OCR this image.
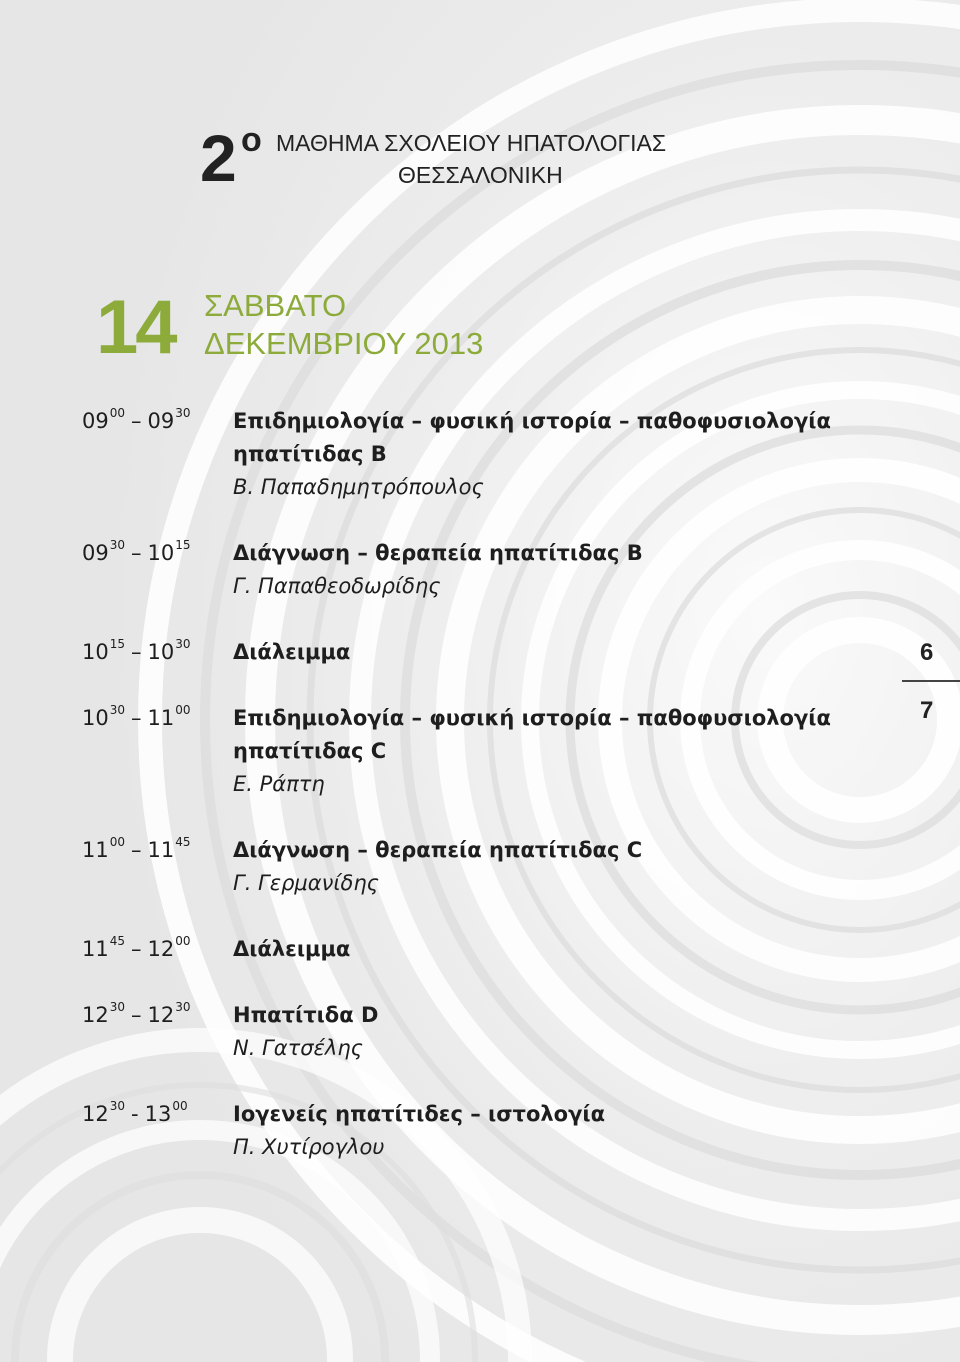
2 ο ΜΑΘΗΜΑ ΣΧΟΛΕΙΟΥ ΗΠΑΤΟΛΟΓΙΑΣ
ΘΕΣΣΑΛΟΝΙΚΗ
14 ΣΑΒΒΑΤΟ
ΔΕΚΕΜΒΡΙΟΥ 2013
$09^{00} - 09^{30}$ Επιδημιολογία – φυσική ιστορία – παθοφυσιολογία
ηπατίτιδας Β
Β. Παπαδημητρόπουλος
$09^{30} - 10^{15}$ Διάγνωση – θεραπεία ηπατίτιδας Β
Γ. Παπαθεοδωρίδης
$10^{15} - 10^{30}$ Διάλειμμα
$10^{30} - 11^{00}$ Επιδημιολογία – φυσική ιστορία – παθοφυσιολογία
ηπατίτιδας C
Ε. Ράπτη
$11^{00} - 11^{45}$ Διάγνωση – θεραπεία ηπατίτιδας C
Γ. Γερμανίδης
$11^{45} - 12^{00}$ Διάλειμμα
$12^{30} - 12^{30}$ Ηπατίτιδα D
Ν. Γατσέλης
$12^{30} - 13^{00}$ Ιογενείς ηπατίτιδες – ιστολογία
Π. Χυτίρογλου
6
7
